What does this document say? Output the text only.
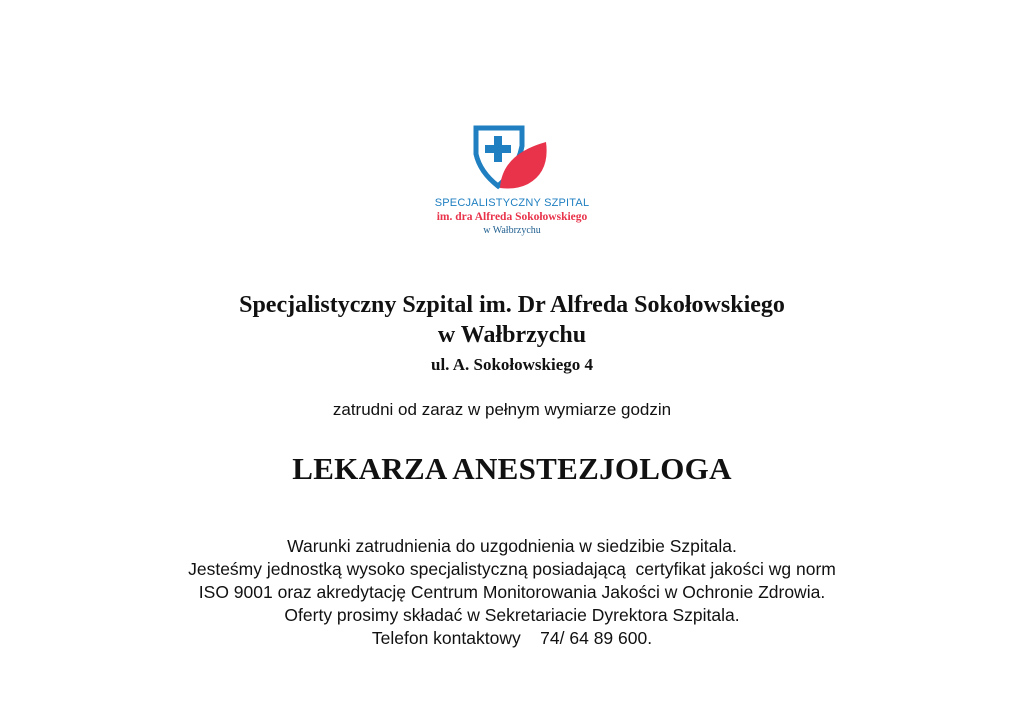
SPECJALISTYCZNY SZPITAL
im. dra Alfreda Sokołowskiego
w Wałbrzychu
Specjalistyczny Szpital im. Dr Alfreda Sokołowskiego
w Wałbrzychu
ul. A. Sokołowskiego 4
zatrudni od zaraz w pełnym wymiarze godzin
LEKARZA ANESTEZJOLOGA
Warunki zatrudnienia do uzgodnienia w siedzibie Szpitala.
Jesteśmy jednostką wysoko specjalistyczną posiadającą  certyfikat jakości wg norm
ISO 9001 oraz akredytację Centrum Monitorowania Jakości w Ochronie Zdrowia.
Oferty prosimy składać w Sekretariacie Dyrektora Szpitala.
Telefon kontaktowy    74/ 64 89 600.
